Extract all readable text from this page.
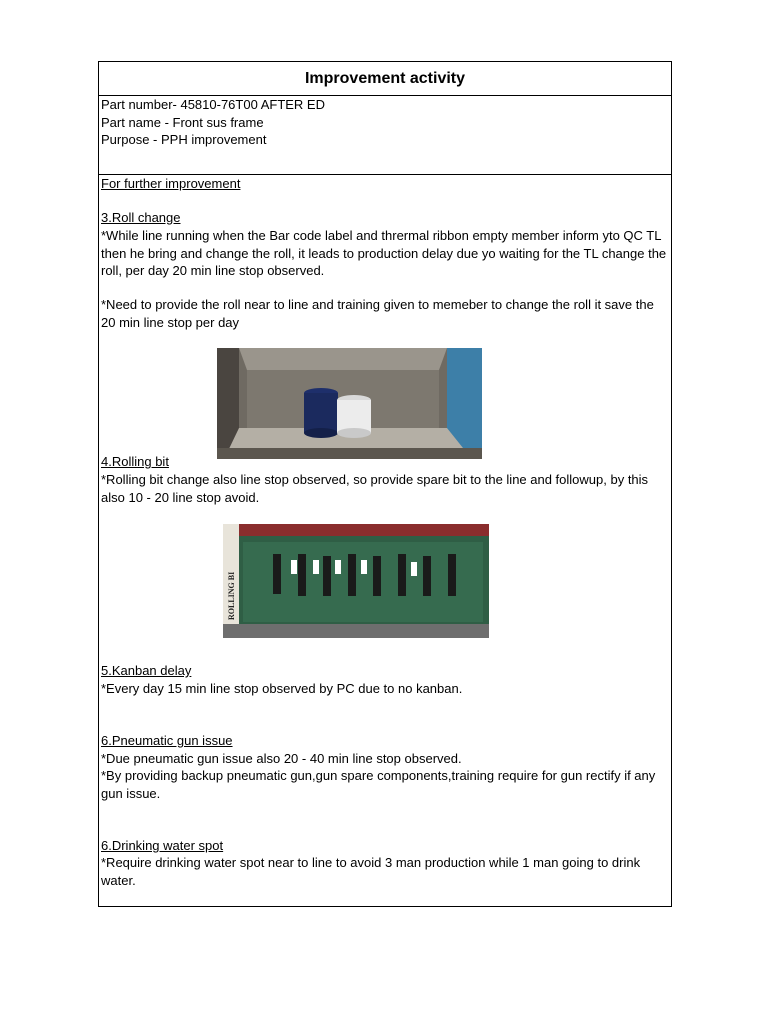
Improvement activity
Part number- 45810-76T00 AFTER ED
Part name - Front sus frame
Purpose - PPH improvement
For further improvement
3.Roll change
*While line running when the Bar code label and thrermal ribbon empty member inform yto QC TL then he bring and change the roll, it leads to production delay due yo waiting for the TL change the roll, per day 20 min line stop observed.
*Need to provide the roll near to line and training given to memeber to change the roll it save the 20 min line stop per day
4.Rolling bit
*Rolling bit change also line stop observed, so provide spare bit to the line and followup, by this also 10 - 20 line stop avoid.
ROLLING BI
5.Kanban delay
*Every day 15 min line stop observed by PC due to no kanban.
6.Pneumatic gun issue
*Due pneumatic gun issue also 20 - 40 min line stop observed.
*By providing backup pneumatic gun,gun spare components,training require for gun rectify if any gun issue.
6.Drinking water spot
*Require drinking water spot near to line to avoid 3 man production while 1 man going to drink water.
